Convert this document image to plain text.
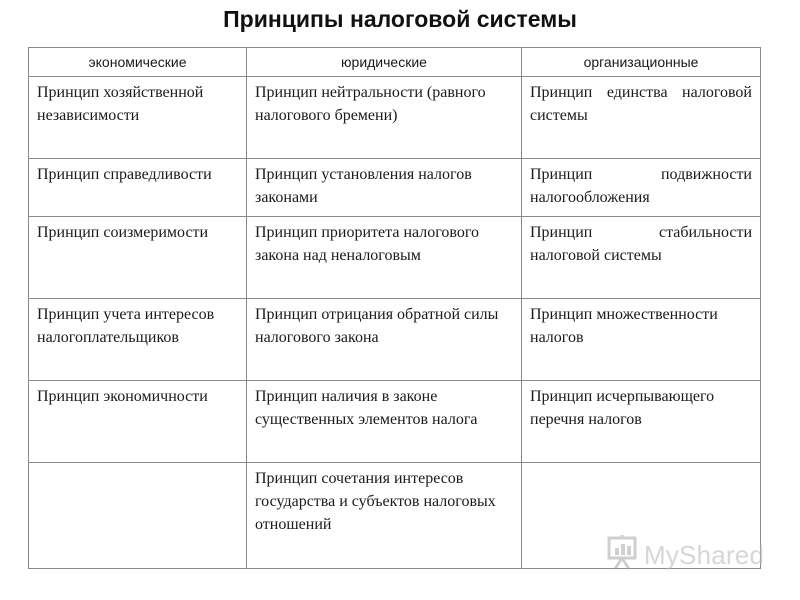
Принципы налоговой системы
экономические	юридические	организационные
Принцип хозяйственной независимости	Принцип нейтральности (равного налогового бремени)	Принцип единства налоговой системы
Принцип справедливости	Принцип установления налогов законами	Принцип подвижности налогообложения
Принцип соизмеримости	Принцип приоритета налогового закона над неналоговым	Принцип стабильности налоговой системы
Принцип учета интересов налогоплательщиков	Принцип отрицания обратной силы налогового закона	Принцип множественности налогов
Принцип экономичности	Принцип наличия в законе существенных элементов налога	Принцип исчерпывающего перечня налогов
	Принцип сочетания интересов государства и субъектов налоговых отношений	
MyShared
